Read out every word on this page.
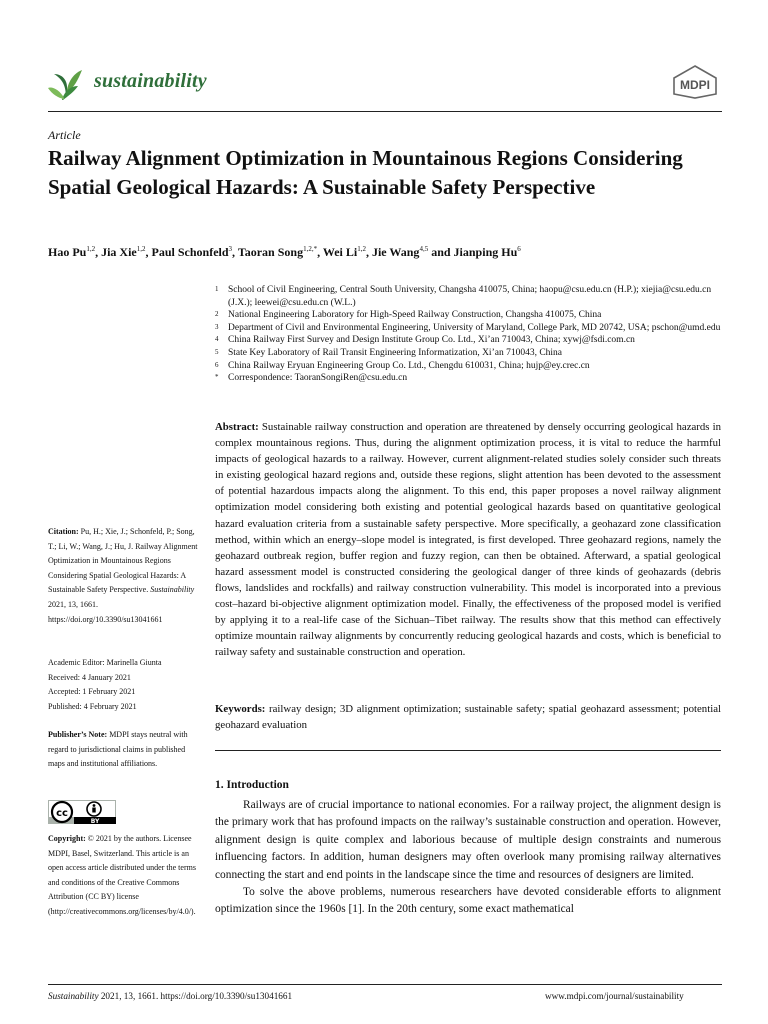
sustainability	MDPI
Article
Railway Alignment Optimization in Mountainous Regions Considering Spatial Geological Hazards: A Sustainable Safety Perspective
Hao Pu$^{1,2}$, Jia Xie$^{1,2}$, Paul Schonfeld$^3$, Taoran Song$^{1,2,*}$, Wei Li$^{1,2}$, Jie Wang$^{4,5}$ and Jianping Hu$^6$
1 School of Civil Engineering, Central South University, Changsha 410075, China; haopu@csu.edu.cn (H.P.); xiejia@csu.edu.cn (J.X.); leewei@csu.edu.cn (W.L.)
2 National Engineering Laboratory for High-Speed Railway Construction, Changsha 410075, China
3 Department of Civil and Environmental Engineering, University of Maryland, College Park, MD 20742, USA; pschon@umd.edu
4 China Railway First Survey and Design Institute Group Co. Ltd., Xi’an 710043, China; xywj@fsdi.com.cn
5 State Key Laboratory of Rail Transit Engineering Informatization, Xi’an 710043, China
6 China Railway Eryuan Engineering Group Co. Ltd., Chengdu 610031, China; hujp@ey.crec.cn
* Correspondence: TaoranSongiRen@csu.edu.cn
Abstract: Sustainable railway construction and operation are threatened by densely occurring geological hazards in complex mountainous regions. Thus, during the alignment optimization process, it is vital to reduce the harmful impacts of geological hazards to a railway. However, current alignment-related studies solely consider such threats in existing geological hazard regions and, outside these regions, slight attention has been devoted to the assessment of potential hazardous impacts along the alignment. To this end, this paper proposes a novel railway alignment optimization model considering both existing and potential geological hazards based on quantitative geological hazard evaluation criteria from a sustainable safety perspective. More specifically, a geohazard zone classification method, within which an energy–slope model is integrated, is first developed. Three geohazard regions, namely the geohazard outbreak region, buffer region and fuzzy region, can then be obtained. Afterward, a spatial geological hazard assessment model is constructed considering the geological danger of three kinds of geohazards (debris flows, landslides and rockfalls) and railway construction vulnerability. This model is incorporated into a previous cost–hazard bi-objective alignment optimization model. Finally, the effectiveness of the proposed model is verified by applying it to a real-life case of the Sichuan–Tibet railway. The results show that this method can effectively optimize mountain railway alignments by concurrently reducing geological hazards and costs, which is beneficial to railway safety and sustainable construction and operation.
Keywords: railway design; 3D alignment optimization; sustainable safety; spatial geohazard assessment; potential geohazard evaluation
Citation: Pu, H.; Xie, J.; Schonfeld, P.; Song, T.; Li, W.; Wang, J.; Hu, J. Railway Alignment Optimization in Mountainous Regions Considering Spatial Geological Hazards: A Sustainable Safety Perspective. Sustainability 2021, 13, 1661. https://doi.org/10.3390/su13041661
Academic Editor: Marinella Giunta
Received: 4 January 2021
Accepted: 1 February 2021
Published: 4 February 2021
Publisher’s Note: MDPI stays neutral with regard to jurisdictional claims in published maps and institutional affiliations.
cc
BY
Copyright: © 2021 by the authors. Licensee MDPI, Basel, Switzerland. This article is an open access article distributed under the terms and conditions of the Creative Commons Attribution (CC BY) license (http://creativecommons.org/licenses/by/4.0/).
1. Introduction

Railways are of crucial importance to national economies. For a railway project, the alignment design is the primary work that has profound impacts on the railway’s sustainable construction and operation. However, alignment design is quite complex and laborious because of multiple design constraints and numerous influencing factors. In addition, human designers may often overlook many promising railway alternatives connecting the start and end points in the landscape since the time and resources of designers are limited.

To solve the above problems, numerous researchers have devoted considerable efforts to alignment optimization since the 1960s [1]. In the 20th century, some exact mathematical

Sustainability 2021, 13, 1661. https://doi.org/10.3390/su13041661	www.mdpi.com/journal/sustainability
